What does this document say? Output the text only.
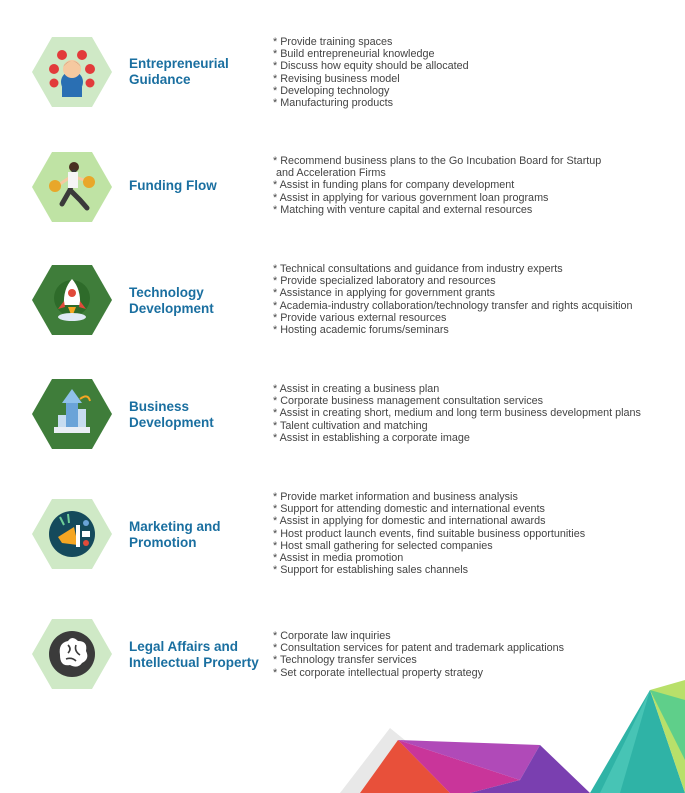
Entrepreneurial
Guidance
* Provide training spaces
* Build entrepreneurial knowledge
* Discuss how equity should be allocated
* Revising business model
* Developing technology
* Manufacturing products
Funding Flow
* Recommend business plans to the Go Incubation Board for Startup
and Acceleration Firms
* Assist in funding plans for company development
* Assist in applying for various government loan programs
* Matching with venture capital and external resources
Technology
Development
* Technical consultations and guidance from industry experts
* Provide specialized laboratory and resources
* Assistance in applying for government grants
* Academia-industry collaboration/technology transfer and rights acquisition
* Provide various external resources
* Hosting academic forums/seminars
Business
Development
* Assist in creating a business plan
* Corporate business management consultation services
* Assist in creating short, medium and long term business development plans
* Talent cultivation and matching
* Assist in establishing a corporate image
Marketing and
Promotion
* Provide market information and business analysis
* Support for attending domestic and international events
* Assist in applying for domestic and international awards
* Host product launch events, find suitable business opportunities
* Host small gathering for selected companies
* Assist in media promotion
* Support for establishing sales channels
Legal Affairs and
Intellectual Property
* Corporate law inquiries
* Consultation services for patent and trademark applications
* Technology transfer services
* Set corporate intellectual property strategy
